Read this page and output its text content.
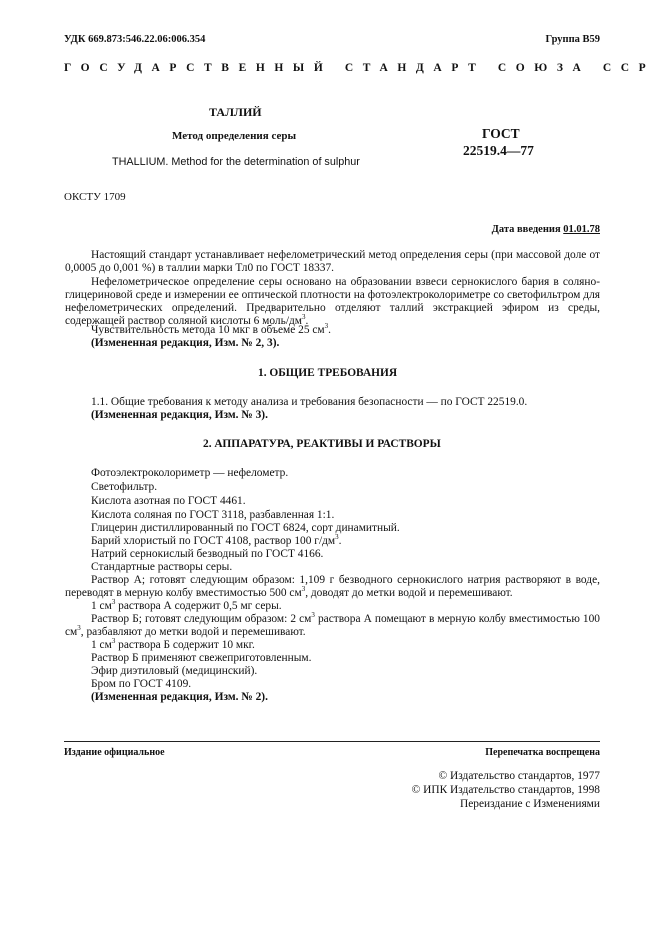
УДК 669.873:546.22.06:006.354	Группа В59
ГОСУДАРСТВЕННЫЙ СТАНДАРТ СОЮЗА ССР
ТАЛЛИЙ
Метод определения серы
THALLIUM. Method for the determination of sulphur
ГОСТ
22519.4—77
ОКСТУ 1709
Дата введения 01.01.78
Настоящий стандарт устанавливает нефелометрический метод определения серы (при массовой доле от 0,0005 до 0,001 %) в таллии марки Тл0 по ГОСТ 18337.
Нефелометрическое определение серы основано на образовании взвеси сернокислого бария в солянo-глицериновой среде и измерении ее оптической плотности на фотоэлектроколориметре со светофильтром для нефелометрических определений. Предварительно отделяют таллий экстракцией эфиром из среды, содержащей раствор соляной кислоты 6 моль/$дм^3$.
Чувствительность метода 10 мкг в объеме 25 $см^3$.
(Измененная редакция, Изм. № 2, 3).
1. ОБЩИЕ ТРЕБОВАНИЯ
1.1. Общие требования к методу анализа и требования безопасности — по ГОСТ 22519.0.
(Измененная редакция, Изм. № 3).
2. АППАРАТУРА, РЕАКТИВЫ И РАСТВОРЫ
Фотоэлектроколориметр — нефелометр.
Светофильтр.
Кислота азотная по ГОСТ 4461.
Кислота соляная по ГОСТ 3118, разбавленная 1:1.
Глицерин дистиллированный по ГОСТ 6824, сорт динамитный.
Барий хлористый по ГОСТ 4108, раствор 100 $г/дм^3$.
Натрий сернокислый безводный по ГОСТ 4166.
Стандартные растворы серы.
Раствор А; готовят следующим образом: 1,109 г безводного сернокислого натрия растворяют в воде, переводят в мерную колбу вместимостью 500 $см^3$, доводят до метки водой и перемешивают.
1 $см^3$ раствора А содержит 0,5 мг серы.
Раствор Б; готовят следующим образом: 2 $см^3$ раствора А помещают в мерную колбу вместимостью 100 $см^3$, разбавляют до метки водой и перемешивают.
1 $см^3$ раствора Б содержит 10 мкг.
Раствор Б применяют свежеприготовленным.
Эфир диэтиловый (медицинский).
Бром по ГОСТ 4109.
(Измененная редакция, Изм. № 2).
Издание официальное	Перепечатка воспрещена
© Издательство стандартов, 1977
© ИПК Издательство стандартов, 1998
Переиздание с Изменениями
